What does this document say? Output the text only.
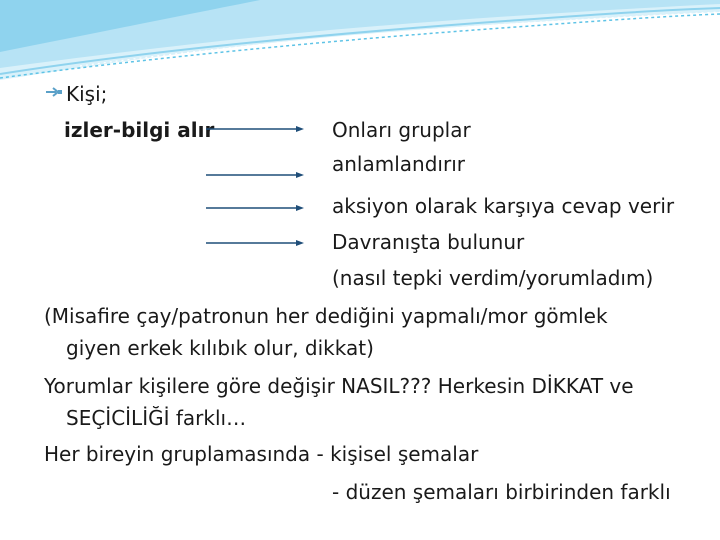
Kişi;
izler-bilgi alır	Onları gruplar
anlamlandırır
aksiyon olarak karşıya cevap verir
Davranışta bulunur
(nasıl tepki verdim/yorumladım)
(Misafire çay/patronun her dediğini yapmalı/mor gömlek
giyen erkek kılıbık olur, dikkat)
Yorumlar kişilere göre değişir NASIL??? Herkesin DİKKAT ve
SEÇİCİLİĞİ farklı…
Her bireyin gruplamasında - kişisel şemalar
- düzen şemaları birbirinden farklı
